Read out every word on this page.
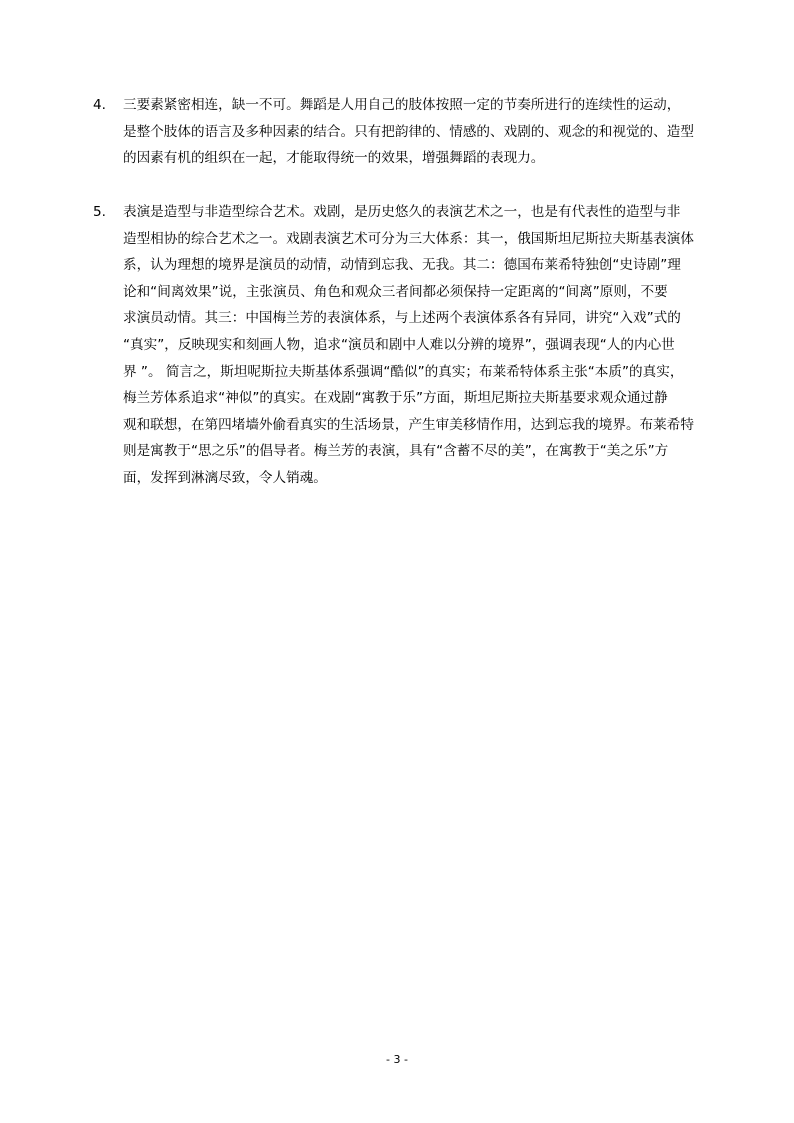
4.	三要素紧密相连，缺一不可。舞蹈是人用自己的肢体按照一定的节奏所进行的连续性的运动，
是整个肢体的语言及多种因素的结合。只有把韵律的、情感的、戏剧的、观念的和视觉的、造型
的因素有机的组织在一起，才能取得统一的效果，增强舞蹈的表现力。
5.	表演是造型与非造型综合艺术。戏剧，是历史悠久的表演艺术之一，也是有代表性的造型与非
造型相协的综合艺术之一。戏剧表演艺术可分为三大体系：其一，俄国斯坦尼斯拉夫斯基表演体
系，认为理想的境界是演员的动情，动情到忘我、无我。其二：德国布莱希特独创“史诗剧”理
论和“间离效果”说，主张演员、角色和观众三者间都必须保持一定距离的“间离”原则，不要
求演员动情。其三：中国梅兰芳的表演体系，与上述两个表演体系各有异同，讲究“入戏”式的
“真实”，反映现实和刻画人物，追求“演员和剧中人难以分辨的境界”，强调表现“人的内心世
界 ”。 简言之，斯坦呢斯拉夫斯基体系强调“酷似”的真实；布莱希特体系主张“本质”的真实，
梅兰芳体系追求“神似”的真实。在戏剧“寓教于乐”方面，斯坦尼斯拉夫斯基要求观众通过静
观和联想，在第四堵墙外偷看真实的生活场景，产生审美移情作用，达到忘我的境界。布莱希特
则是寓教于“思之乐”的倡导者。梅兰芳的表演，具有“含蓄不尽的美”，在寓教于“美之乐”方
面，发挥到淋漓尽致，令人销魂。
- 3 -
